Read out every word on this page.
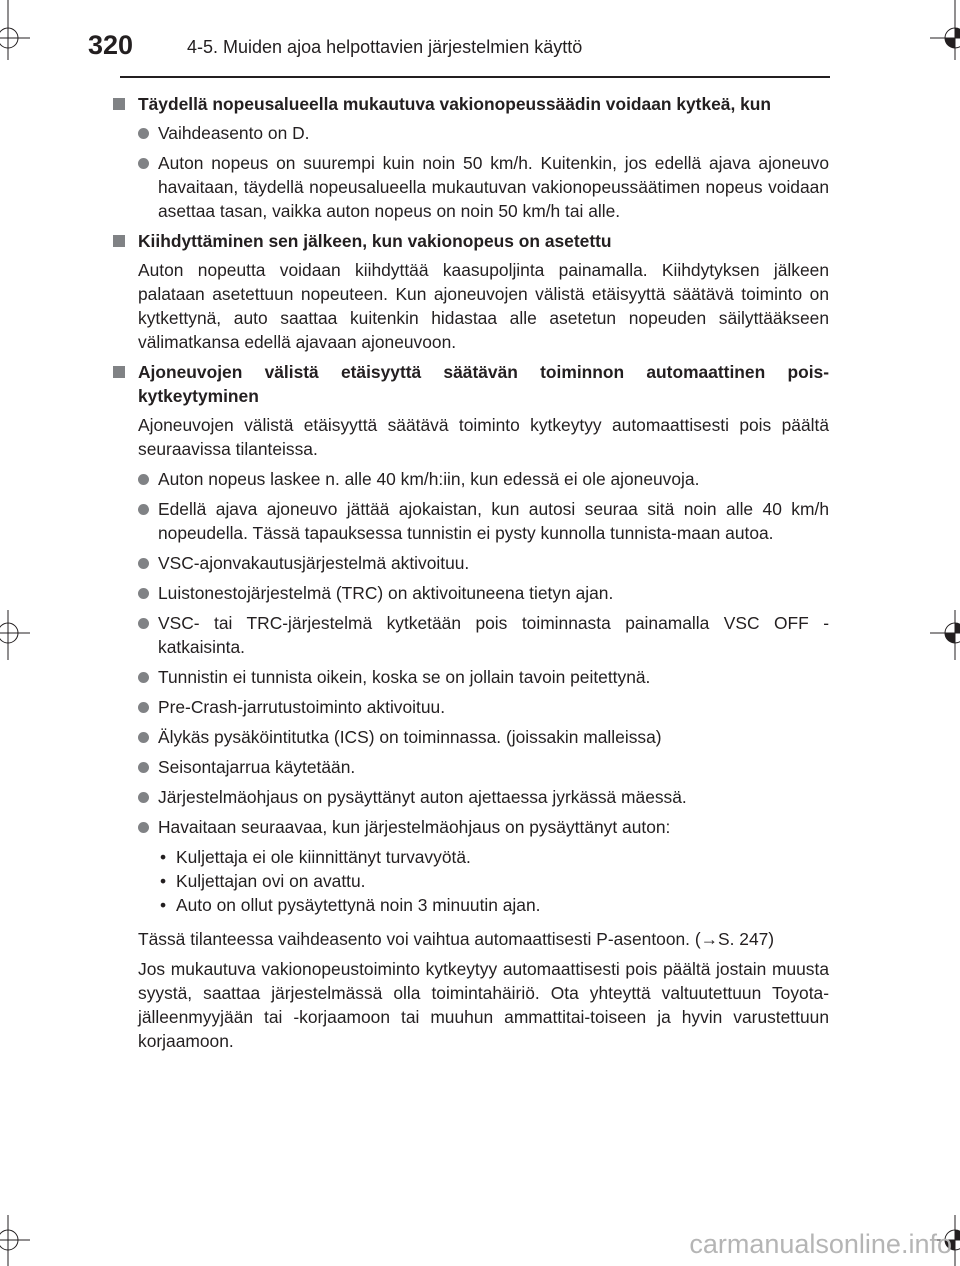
320	4-5. Muiden ajoa helpottavien järjestelmien käyttö
Täydellä nopeusalueella mukautuva vakionopeussäädin voidaan kytkeä, kun
Vaihdeasento on D.
Auton nopeus on suurempi kuin noin 50 km/h. Kuitenkin, jos edellä ajava ajoneuvo havaitaan, täydellä nopeusalueella mukautuvan vakionopeussäätimen nopeus voidaan asettaa tasan, vaikka auton nopeus on noin 50 km/h tai alle.
Kiihdyttäminen sen jälkeen, kun vakionopeus on asetettu
Auton nopeutta voidaan kiihdyttää kaasupoljinta painamalla. Kiihdytyksen jälkeen palataan asetettuun nopeuteen. Kun ajoneuvojen välistä etäisyyttä säätävä toiminto on kytkettynä, auto saattaa kuitenkin hidastaa alle asetetun nopeuden säilyttääkseen välimatkansa edellä ajavaan ajoneuvoon.
Ajoneuvojen välistä etäisyyttä säätävän toiminnon automaattinen pois-kytkeytyminen
Ajoneuvojen välistä etäisyyttä säätävä toiminto kytkeytyy automaattisesti pois päältä seuraavissa tilanteissa.
Auton nopeus laskee n. alle 40 km/h:iin, kun edessä ei ole ajoneuvoja.
Edellä ajava ajoneuvo jättää ajokaistan, kun autosi seuraa sitä noin alle 40 km/h nopeudella. Tässä tapauksessa tunnistin ei pysty kunnolla tunnista-maan autoa.
VSC-ajonvakautusjärjestelmä aktivoituu.
Luistonestojärjestelmä (TRC) on aktivoituneena tietyn ajan.
VSC- tai TRC-järjestelmä kytketään pois toiminnasta painamalla VSC OFF -katkaisinta.
Tunnistin ei tunnista oikein, koska se on jollain tavoin peitettynä.
Pre-Crash-jarrutustoiminto aktivoituu.
Älykäs pysäköintitutka (ICS) on toiminnassa. (joissakin malleissa)
Seisontajarrua käytetään.
Järjestelmäohjaus on pysäyttänyt auton ajettaessa jyrkässä mäessä.
Havaitaan seuraavaa, kun järjestelmäohjaus on pysäyttänyt auton:
• Kuljettaja ei ole kiinnittänyt turvavyötä.
• Kuljettajan ovi on avattu.
• Auto on ollut pysäytettynä noin 3 minuutin ajan.
Tässä tilanteessa vaihdeasento voi vaihtua automaattisesti P-asentoon. (→S. 247)
Jos mukautuva vakionopeustoiminto kytkeytyy automaattisesti pois päältä jostain muusta syystä, saattaa järjestelmässä olla toimintahäiriö. Ota yhteyttä valtuutettuun Toyota-jälleenmyyjään tai -korjaamoon tai muuhun ammattitai-toiseen ja hyvin varustettuun korjaamoon.
carmanualsonline.info
